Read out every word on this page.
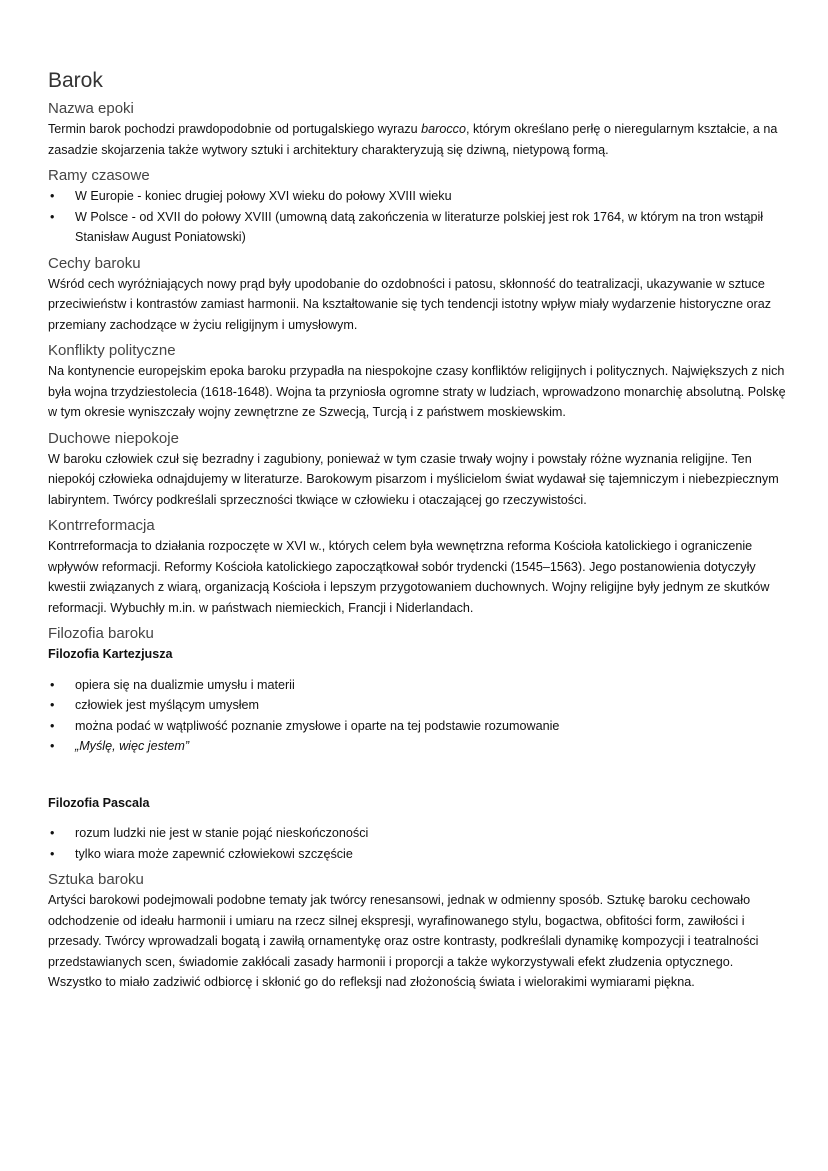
Barok
Nazwa epoki

Termin barok pochodzi prawdopodobnie od portugalskiego wyrazu barocco, którym określano perłę o nieregularnym kształcie, a na zasadzie skojarzenia także wytwory sztuki i architektury charakteryzują się dziwną, nietypową formą.

Ramy czasowe
• W Europie - koniec drugiej połowy XVI wieku do połowy XVIII wieku
• W Polsce - od XVII do połowy XVIII (umowną datą zakończenia w literaturze polskiej jest rok 1764, w którym na tron wstąpił Stanisław August Poniatowski)
Cechy baroku

Wśród cech wyróżniających nowy prąd były upodobanie do ozdobności i patosu, skłonność do teatralizacji, ukazywanie w sztuce przeciwieństw i kontrastów zamiast harmonii. Na kształtowanie się tych tendencji istotny wpływ miały wydarzenie historyczne oraz przemiany zachodzące w życiu religijnym i umysłowym.

Konflikty polityczne

Na kontynencie europejskim epoka baroku przypadła na niespokojne czasy konfliktów religijnych i politycznych. Największych z nich była wojna trzydziestolecia (1618-1648). Wojna ta przyniosła ogromne straty w ludziach, wprowadzono monarchię absolutną. Polskę w tym okresie wyniszczały wojny zewnętrzne ze Szwecją, Turcją i z państwem moskiewskim.

Duchowe niepokoje

W baroku człowiek czuł się bezradny i zagubiony, ponieważ w tym czasie trwały wojny i powstały różne wyznania religijne. Ten niepokój człowieka odnajdujemy w literaturze. Barokowym pisarzom i myślicielom świat wydawał się tajemniczym i niebezpiecznym labiryntem. Twórcy podkreślali sprzeczności tkwiące w człowieku i otaczającej go rzeczywistości.

Kontrreformacja

Kontrreformacja to działania rozpoczęte w XVI w., których celem była wewnętrzna reforma Kościoła katolickiego i ograniczenie wpływów reformacji. Reformy Kościoła katolickiego zapoczątkował sobór trydencki (1545–1563). Jego postanowienia dotyczyły kwestii związanych z wiarą, organizacją Kościoła i lepszym przygotowaniem duchownych. Wojny religijne były jednym ze skutków reformacji. Wybuchły m.in. w państwach niemieckich, Francji i Niderlandach.

Filozofia baroku

Filozofia Kartezjusza

• opiera się na dualizmie umysłu i materii
• człowiek jest myślącym umysłem
• można podać w wątpliwość poznanie zmysłowe i oparte na tej podstawie rozumowanie
• „Myślę, więc jestem”

Filozofia Pascala

• rozum ludzki nie jest w stanie pojąć nieskończoności
• tylko wiara może zapewnić człowiekowi szczęście
Sztuka baroku

Artyści barokowi podejmowali podobne tematy jak twórcy renesansowi, jednak w odmienny sposób. Sztukę baroku cechowało odchodzenie od ideału harmonii i umiaru na rzecz silnej ekspresji, wyrafinowanego stylu, bogactwa, obfitości form, zawiłości i przesady. Twórcy wprowadzali bogatą i zawiłą ornamentykę oraz ostre kontrasty, podkreślali dynamikę kompozycji i teatralności przedstawianych scen, świadomie zakłócali zasady harmonii i proporcji a także wykorzystywali efekt złudzenia optycznego. Wszystko to miało zadziwić odbiorcę i skłonić go do refleksji nad złożonością świata i wielorakimi wymiarami piękna.
